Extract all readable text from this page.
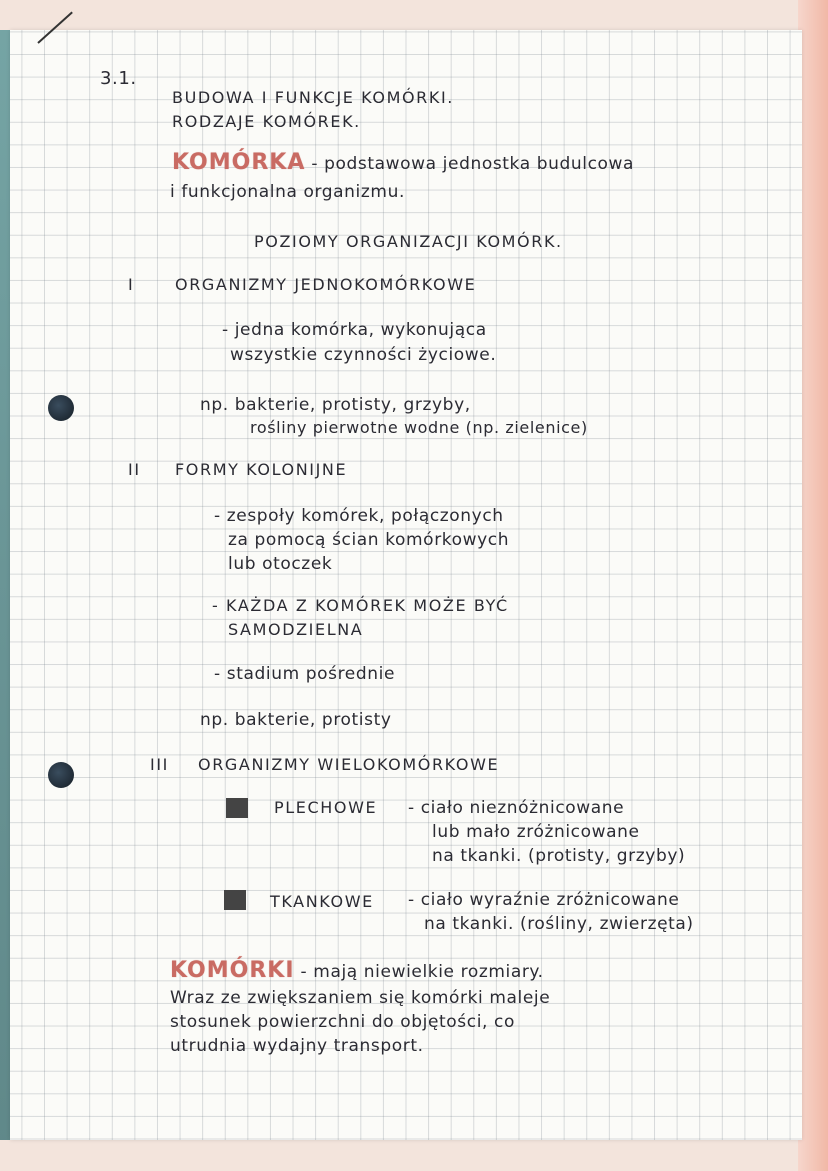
3.1.
BUDOWA I FUNKCJE KOMÓRKI.
RODZAJE KOMÓREK.
KOMÓRKA - podstawowa jednostka budulcowa
i funkcjonalna organizmu.
POZIOMY ORGANIZACJI KOMÓRK.
I	ORGANIZMY JEDNOKOMÓRKOWE
- jedna komórka, wykonująca
wszystkie czynności życiowe.
np. bakterie, protisty, grzyby,
rośliny pierwotne wodne (np. zielenice)
II FORMY KOLONIJNE
- zespoły komórek, połączonych
za pomocą ścian komórkowych
lub otoczek
- KAŻDA Z KOMÓREK MOŻE BYĆ
SAMODZIELNA
- stadium pośrednie
np. bakterie, protisty
III ORGANIZMY WIELOKOMÓRKOWE
PLECHOWE - ciało nieznóżnicowane
lub mało zróżnicowane
na tkanki. (protisty, grzyby)
TKANKOWE - ciało wyraźnie zróżnicowane
na tkanki. (rośliny, zwierzęta)
KOMÓRKI - mają niewielkie rozmiary.
Wraz ze zwiększaniem się komórki maleje
stosunek powierzchni do objętości, co
utrudnia wydajny transport.
